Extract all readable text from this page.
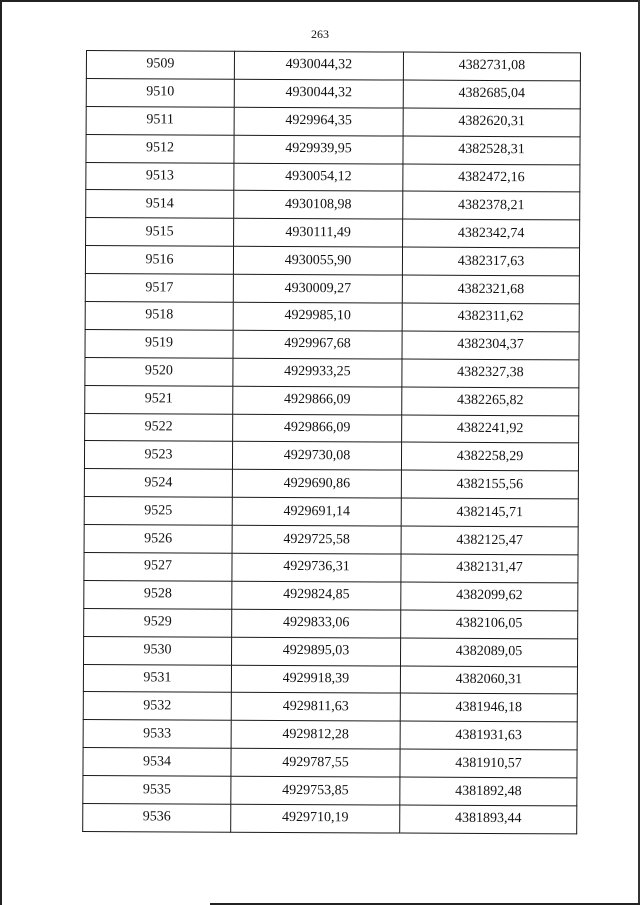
263
9509	4930044,32	4382731,08
9510	4930044,32	4382685,04
9511	4929964,35	4382620,31
9512	4929939,95	4382528,31
9513	4930054,12	4382472,16
9514	4930108,98	4382378,21
9515	4930111,49	4382342,74
9516	4930055,90	4382317,63
9517	4930009,27	4382321,68
9518	4929985,10	4382311,62
9519	4929967,68	4382304,37
9520	4929933,25	4382327,38
9521	4929866,09	4382265,82
9522	4929866,09	4382241,92
9523	4929730,08	4382258,29
9524	4929690,86	4382155,56
9525	4929691,14	4382145,71
9526	4929725,58	4382125,47
9527	4929736,31	4382131,47
9528	4929824,85	4382099,62
9529	4929833,06	4382106,05
9530	4929895,03	4382089,05
9531	4929918,39	4382060,31
9532	4929811,63	4381946,18
9533	4929812,28	4381931,63
9534	4929787,55	4381910,57
9535	4929753,85	4381892,48
9536	4929710,19	4381893,44
